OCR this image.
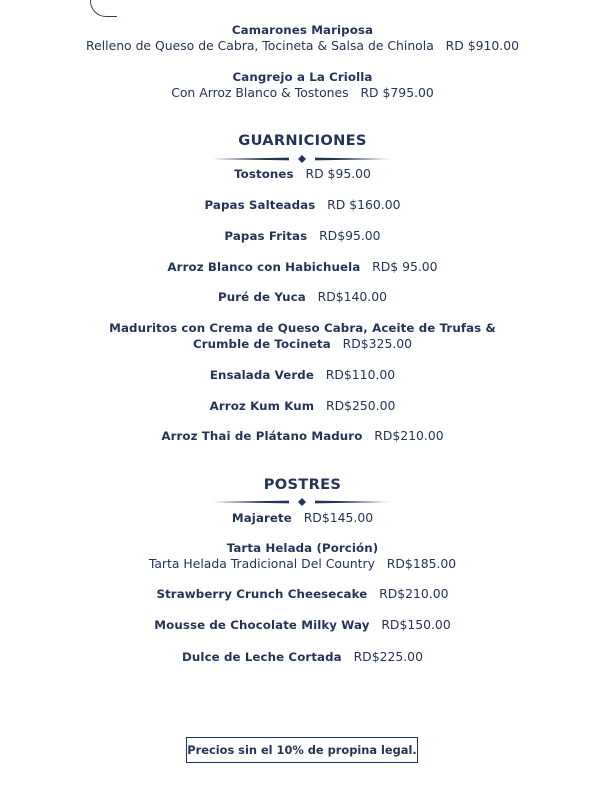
Camarones Mariposa
Relleno de Queso de Cabra, Tocineta & Salsa de Chinola RD $910.00
Cangrejo a La Criolla
Con Arroz Blanco & Tostones RD $795.00
GUARNICIONES
Tostones RD $95.00
Papas Salteadas RD $160.00
Papas Fritas RD$95.00
Arroz Blanco con Habichuela RD$ 95.00
Puré de Yuca RD$140.00
Maduritos con Crema de Queso Cabra, Aceite de Trufas &
Crumble de Tocineta RD$325.00
Ensalada Verde RD$110.00
Arroz Kum Kum RD$250.00
Arroz Thai de Plátano Maduro RD$210.00
POSTRES
Majarete RD$145.00
Tarta Helada (Porción)
Tarta Helada Tradicional Del Country RD$185.00
Strawberry Crunch Cheesecake RD$210.00
Mousse de Chocolate Milky Way RD$150.00
Dulce de Leche Cortada RD$225.00
Precios sin el 10% de propina legal.
